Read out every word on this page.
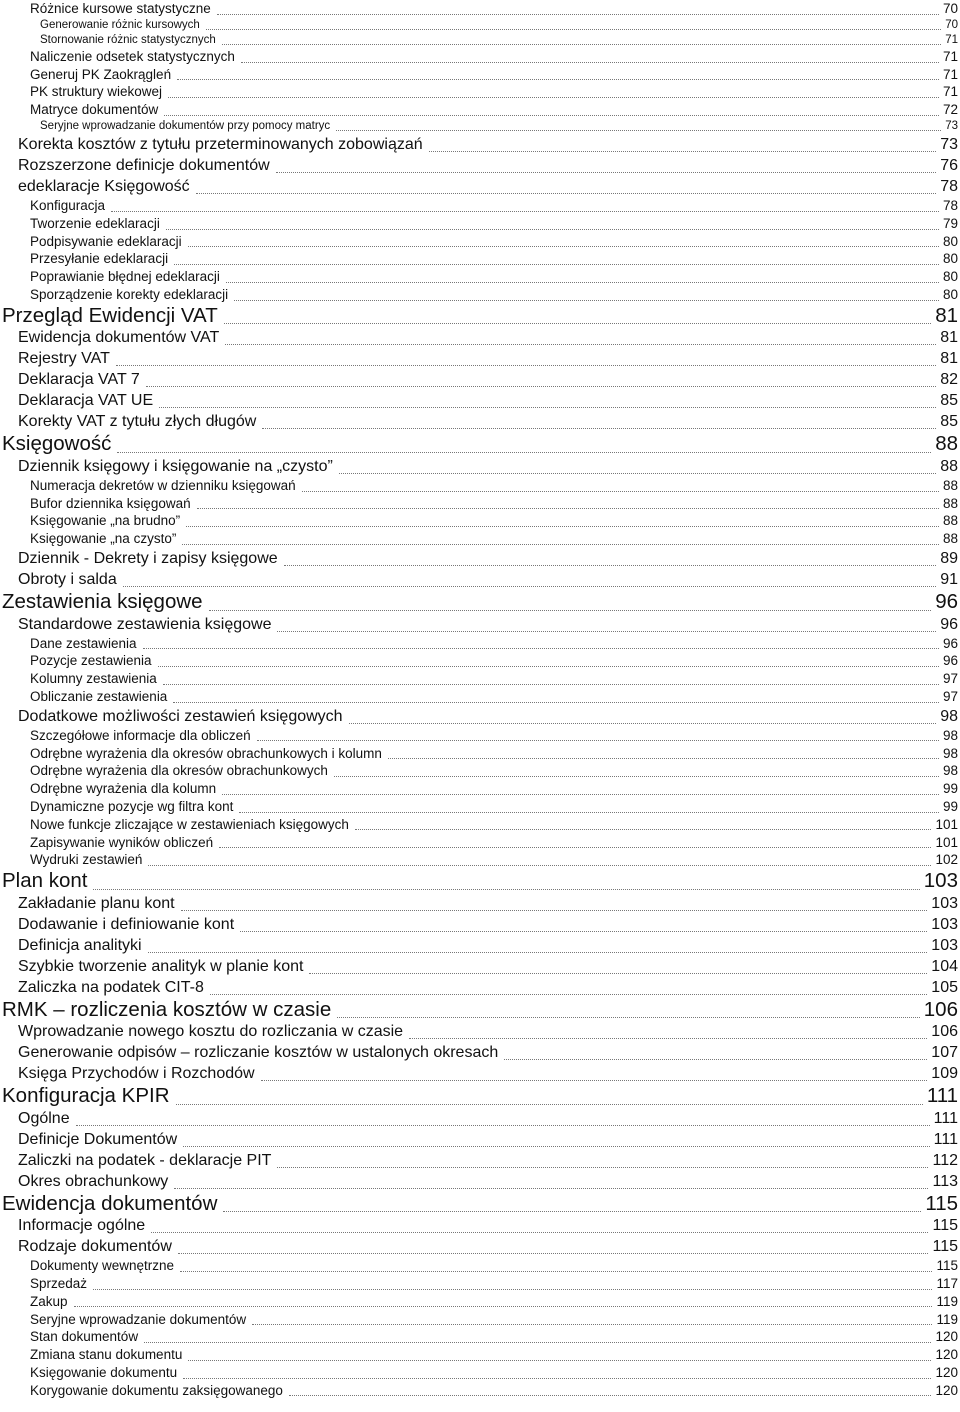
Różnice kursowe statystyczne	70
Generowanie różnic kursowych	70
Stornowanie różnic statystycznych	71
Naliczenie odsetek statystycznych	71
Generuj PK Zaokrągleń	71
PK struktury wiekowej	71
Matryce dokumentów	72
Seryjne wprowadzanie dokumentów przy pomocy matryc	73
Korekta kosztów z tytułu przeterminowanych zobowiązań	73
Rozszerzone definicje dokumentów	76
edeklaracje Księgowość	78
Konfiguracja	78
Tworzenie edeklaracji	79
Podpisywanie edeklaracji	80
Przesyłanie edeklaracji	80
Poprawianie błędnej edeklaracji	80
Sporządzenie korekty edeklaracji	80
Przegląd Ewidencji VAT	81
Ewidencja dokumentów VAT	81
Rejestry VAT	81
Deklaracja VAT 7	82
Deklaracja VAT UE	85
Korekty VAT z tytułu złych długów	85
Księgowość	88
Dziennik księgowy i księgowanie na „czysto”	88
Numeracja dekretów w dzienniku księgowań	88
Bufor dziennika księgowań	88
Księgowanie „na brudno”	88
Księgowanie „na czysto”	88
Dziennik - Dekrety i zapisy księgowe	89
Obroty i salda	91
Zestawienia księgowe	96
Standardowe zestawienia księgowe	96
Dane zestawienia	96
Pozycje zestawienia	96
Kolumny zestawienia	97
Obliczanie zestawienia	97
Dodatkowe możliwości zestawień księgowych	98
Szczegółowe informacje dla obliczeń	98
Odrębne wyrażenia dla okresów obrachunkowych i kolumn	98
Odrębne wyrażenia dla okresów obrachunkowych	98
Odrębne wyrażenia dla kolumn	99
Dynamiczne pozycje wg filtra kont	99
Nowe funkcje zliczające w zestawieniach księgowych	101
Zapisywanie wyników obliczeń	101
Wydruki zestawień	102
Plan kont	103
Zakładanie planu kont	103
Dodawanie i definiowanie kont	103
Definicja analityki	103
Szybkie tworzenie analityk w planie kont	104
Zaliczka na podatek CIT-8	105
RMK – rozliczenia kosztów w czasie	106
Wprowadzanie nowego kosztu do rozliczania w czasie	106
Generowanie odpisów – rozliczanie kosztów w ustalonych okresach	107
Księga Przychodów i Rozchodów	109
Konfiguracja KPIR	111
Ogólne	111
Definicje Dokumentów	111
Zaliczki na podatek - deklaracje PIT	112
Okres obrachunkowy	113
Ewidencja dokumentów	115
Informacje ogólne	115
Rodzaje dokumentów	115
Dokumenty wewnętrzne	115
Sprzedaż	117
Zakup	119
Seryjne wprowadzanie dokumentów	119
Stan dokumentów	120
Zmiana stanu dokumentu	120
Księgowanie dokumentu	120
Korygowanie dokumentu zaksięgowanego	120
